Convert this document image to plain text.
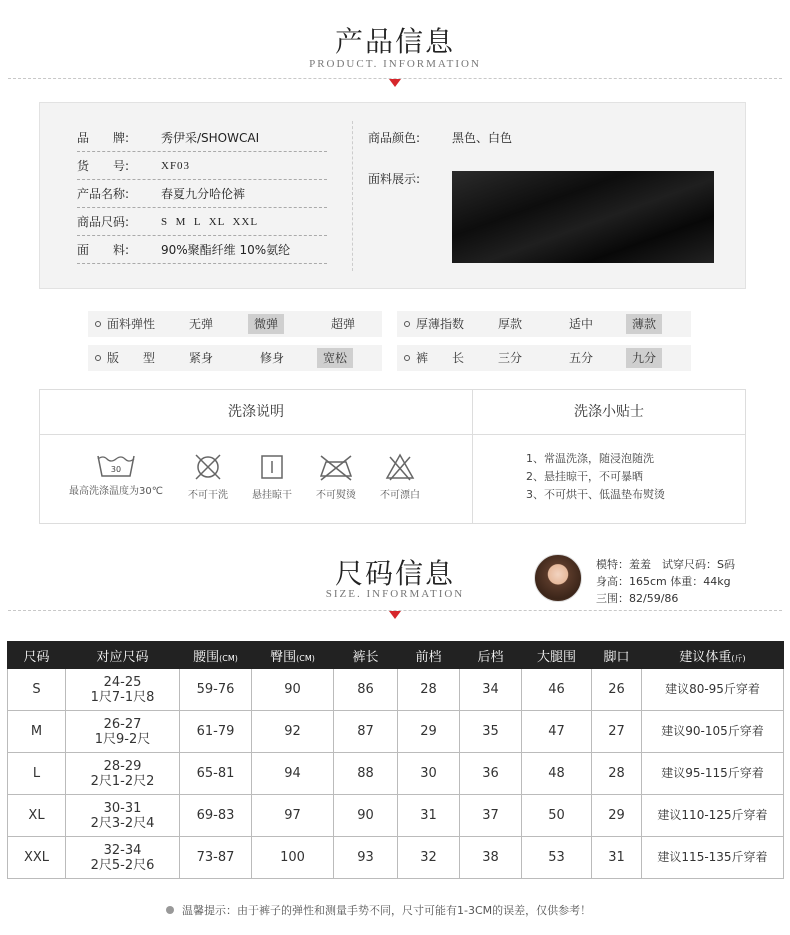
产品信息
PRODUCT. INFORMATION
品　　牌:	秀伊采/SHOWCAI
货　　号:	XF03
产品名称:	春夏九分哈伦裤
商品尺码:	S  M  L  XL  XXL
面　　料:	90%聚酯纤维 10%氨纶
商品颜色:	黑色、白色
面料展示:
面料弹性	无弹	微弹	超弹	厚薄指数	厚款	适中	薄款
版　　型	紧身	修身	宽松	裤　　长	三分	五分	九分
洗涤说明	洗涤小贴士
30
最高洗涤温度为30℃	不可干洗	悬挂晾干	不可熨烫	不可漂白
1、常温洗涤，随浸泡随洗
2、悬挂晾干，不可暴晒
3、不可烘干、低温垫布熨烫
尺码信息
SIZE. INFORMATION
模特：羞羞　试穿尺码：S码
身高：165cm 体重：44kg
三围：82/59/86
尺码	对应尺码	腰围(CM)	臀围(CM)	裤长	前档	后档	大腿围	脚口	建议体重(斤)
S	24-25
1尺7-1尺8	59-76	90	86	28	34	46	26	建议80-95斤穿着
M	26-27
1尺9-2尺	61-79	92	87	29	35	47	27	建议90-105斤穿着
L	28-29
2尺1-2尺2	65-81	94	88	30	36	48	28	建议95-115斤穿着
XL	30-31
2尺3-2尺4	69-83	97	90	31	37	50	29	建议110-125斤穿着
XXL	32-34
2尺5-2尺6	73-87	100	93	32	38	53	31	建议115-135斤穿着
温馨提示：由于裤子的弹性和测量手势不同，尺寸可能有1-3CM的误差，仅供参考！
